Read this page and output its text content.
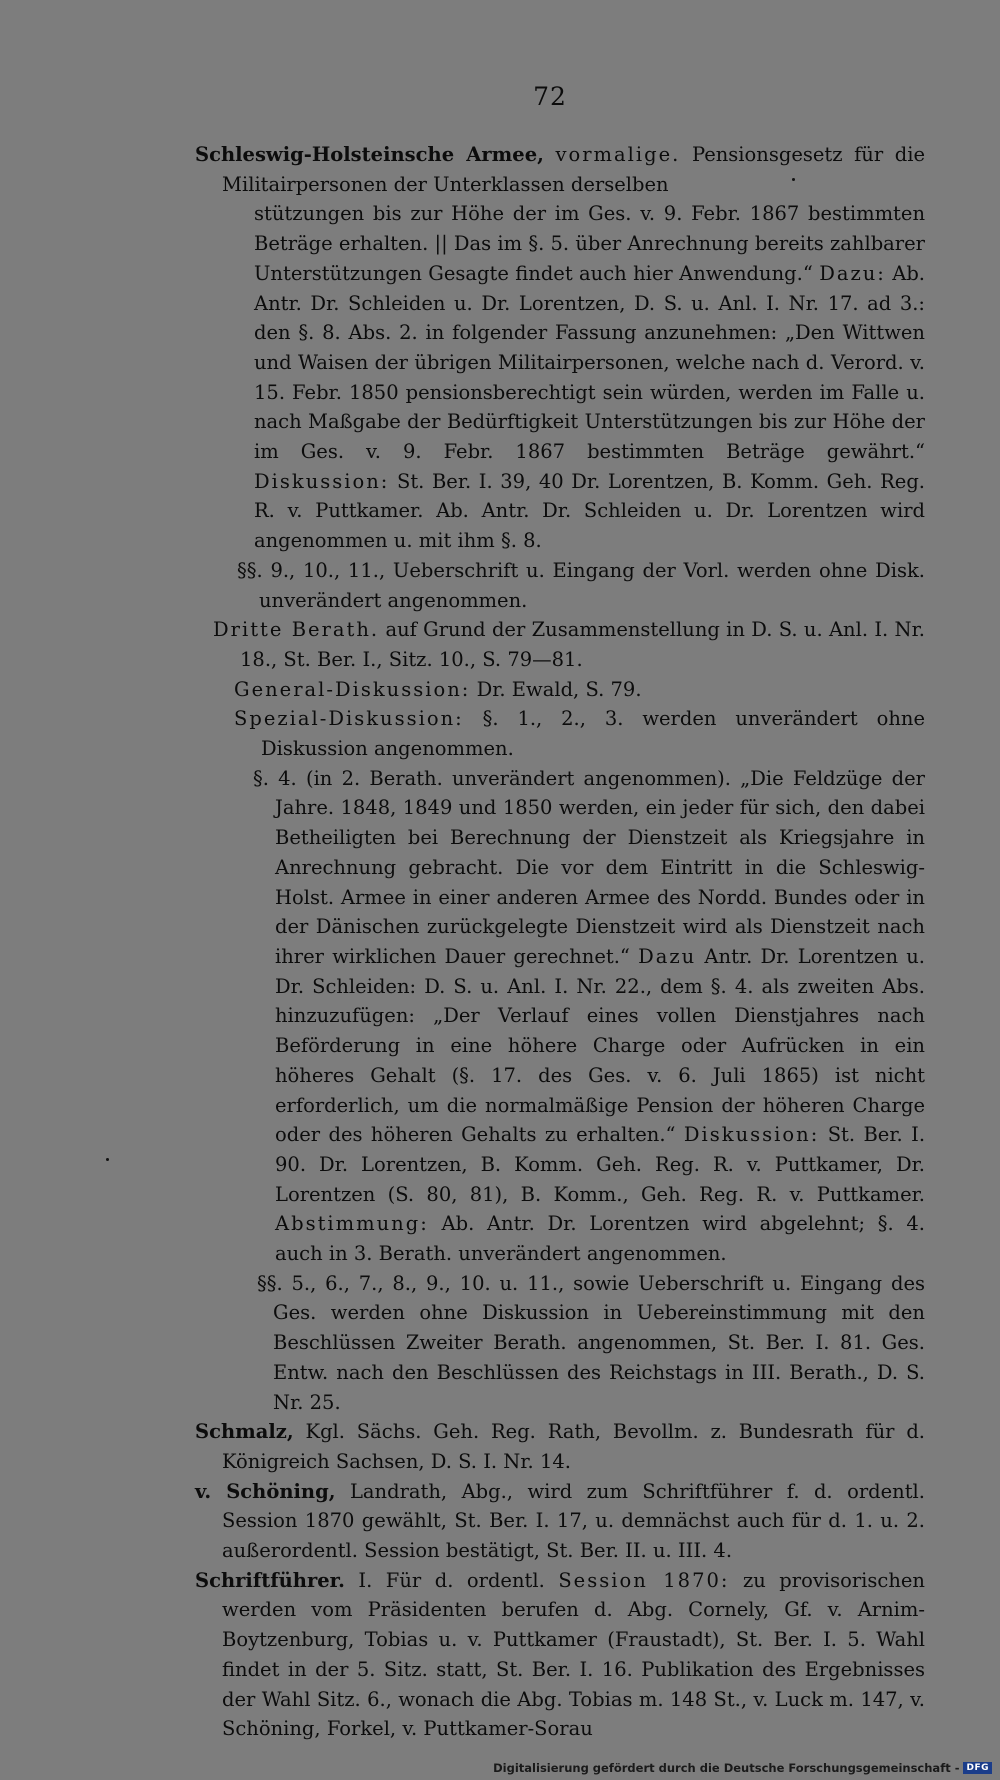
72

Schleswig-Holsteinsche Armee, vormalige. Pensionsgesetz für die Militairpersonen der Unterklassen derselben

stützungen bis zur Höhe der im Ges. v. 9. Febr. 1867 bestimmten Beträge erhalten. || Das im §. 5. über Anrechnung bereits zahlbarer Unterstützungen Gesagte findet auch hier Anwendung.“ Dazu: Ab. Antr. Dr. Schleiden u. Dr. Lorentzen, D. S. u. Anl. I. Nr. 17. ad 3.: den §. 8. Abs. 2. in folgender Fassung anzunehmen: „Den Wittwen und Waisen der übrigen Militairpersonen, welche nach d. Verord. v. 15. Febr. 1850 pensionsberechtigt sein würden, werden im Falle u. nach Maßgabe der Bedürftigkeit Unterstützungen bis zur Höhe der im Ges. v. 9. Febr. 1867 bestimmten Beträge gewährt.“ Diskussion: St. Ber. I. 39, 40 Dr. Lorentzen, B. Komm. Geh. Reg. R. v. Puttkamer. Ab. Antr. Dr. Schleiden u. Dr. Lorentzen wird angenommen u. mit ihm §. 8.

§§. 9., 10., 11., Ueberschrift u. Eingang der Vorl. werden ohne Disk. unverändert angenommen.

Dritte Berath. auf Grund der Zusammenstellung in D. S. u. Anl. I. Nr. 18., St. Ber. I., Sitz. 10., S. 79—81.

General-Diskussion: Dr. Ewald, S. 79.

Spezial-Diskussion: §. 1., 2., 3. werden unverändert ohne Diskussion angenommen.

§. 4. (in 2. Berath. unverändert angenommen). „Die Feldzüge der Jahre. 1848, 1849 und 1850 werden, ein jeder für sich, den dabei Betheiligten bei Berechnung der Dienstzeit als Kriegsjahre in Anrechnung gebracht. Die vor dem Eintritt in die Schleswig-Holst. Armee in einer anderen Armee des Nordd. Bundes oder in der Dänischen zurückgelegte Dienstzeit wird als Dienstzeit nach ihrer wirklichen Dauer gerechnet.“ Dazu Antr. Dr. Lorentzen u. Dr. Schleiden: D. S. u. Anl. I. Nr. 22., dem §. 4. als zweiten Abs. hinzuzufügen: „Der Verlauf eines vollen Dienstjahres nach Beförderung in eine höhere Charge oder Aufrücken in ein höheres Gehalt (§. 17. des Ges. v. 6. Juli 1865) ist nicht erforderlich, um die normalmäßige Pension der höheren Charge oder des höheren Gehalts zu erhalten.“ Diskussion: St. Ber. I. 90. Dr. Lorentzen, B. Komm. Geh. Reg. R. v. Puttkamer, Dr. Lorentzen (S. 80, 81), B. Komm., Geh. Reg. R. v. Puttkamer. Abstimmung: Ab. Antr. Dr. Lorentzen wird abgelehnt; §. 4. auch in 3. Berath. unverändert angenommen.

§§. 5., 6., 7., 8., 9., 10. u. 11., sowie Ueberschrift u. Eingang des Ges. werden ohne Diskussion in Uebereinstimmung mit den Beschlüssen Zweiter Berath. angenommen, St. Ber. I. 81. Ges. Entw. nach den Beschlüssen des Reichstags in III. Berath., D. S. Nr. 25.

Schmalz, Kgl. Sächs. Geh. Reg. Rath, Bevollm. z. Bundesrath für d. Königreich Sachsen, D. S. I. Nr. 14.

v. Schöning, Landrath, Abg., wird zum Schriftführer f. d. ordentl. Session 1870 gewählt, St. Ber. I. 17, u. demnächst auch für d. 1. u. 2. außerordentl. Session bestätigt, St. Ber. II. u. III. 4.

Schriftführer. I. Für d. ordentl. Session 1870: zu provisorischen werden vom Präsidenten berufen d. Abg. Cornely, Gf. v. Arnim-Boytzenburg, Tobias u. v. Puttkamer (Fraustadt), St. Ber. I. 5. Wahl findet in der 5. Sitz. statt, St. Ber. I. 16. Publikation des Ergebnisses der Wahl Sitz. 6., wonach die Abg. Tobias m. 148 St., v. Luck m. 147, v. Schöning, Forkel, v. Puttkamer-Sorau

Digitalisierung gefördert durch die Deutsche Forschungsgemeinschaft - DFG
